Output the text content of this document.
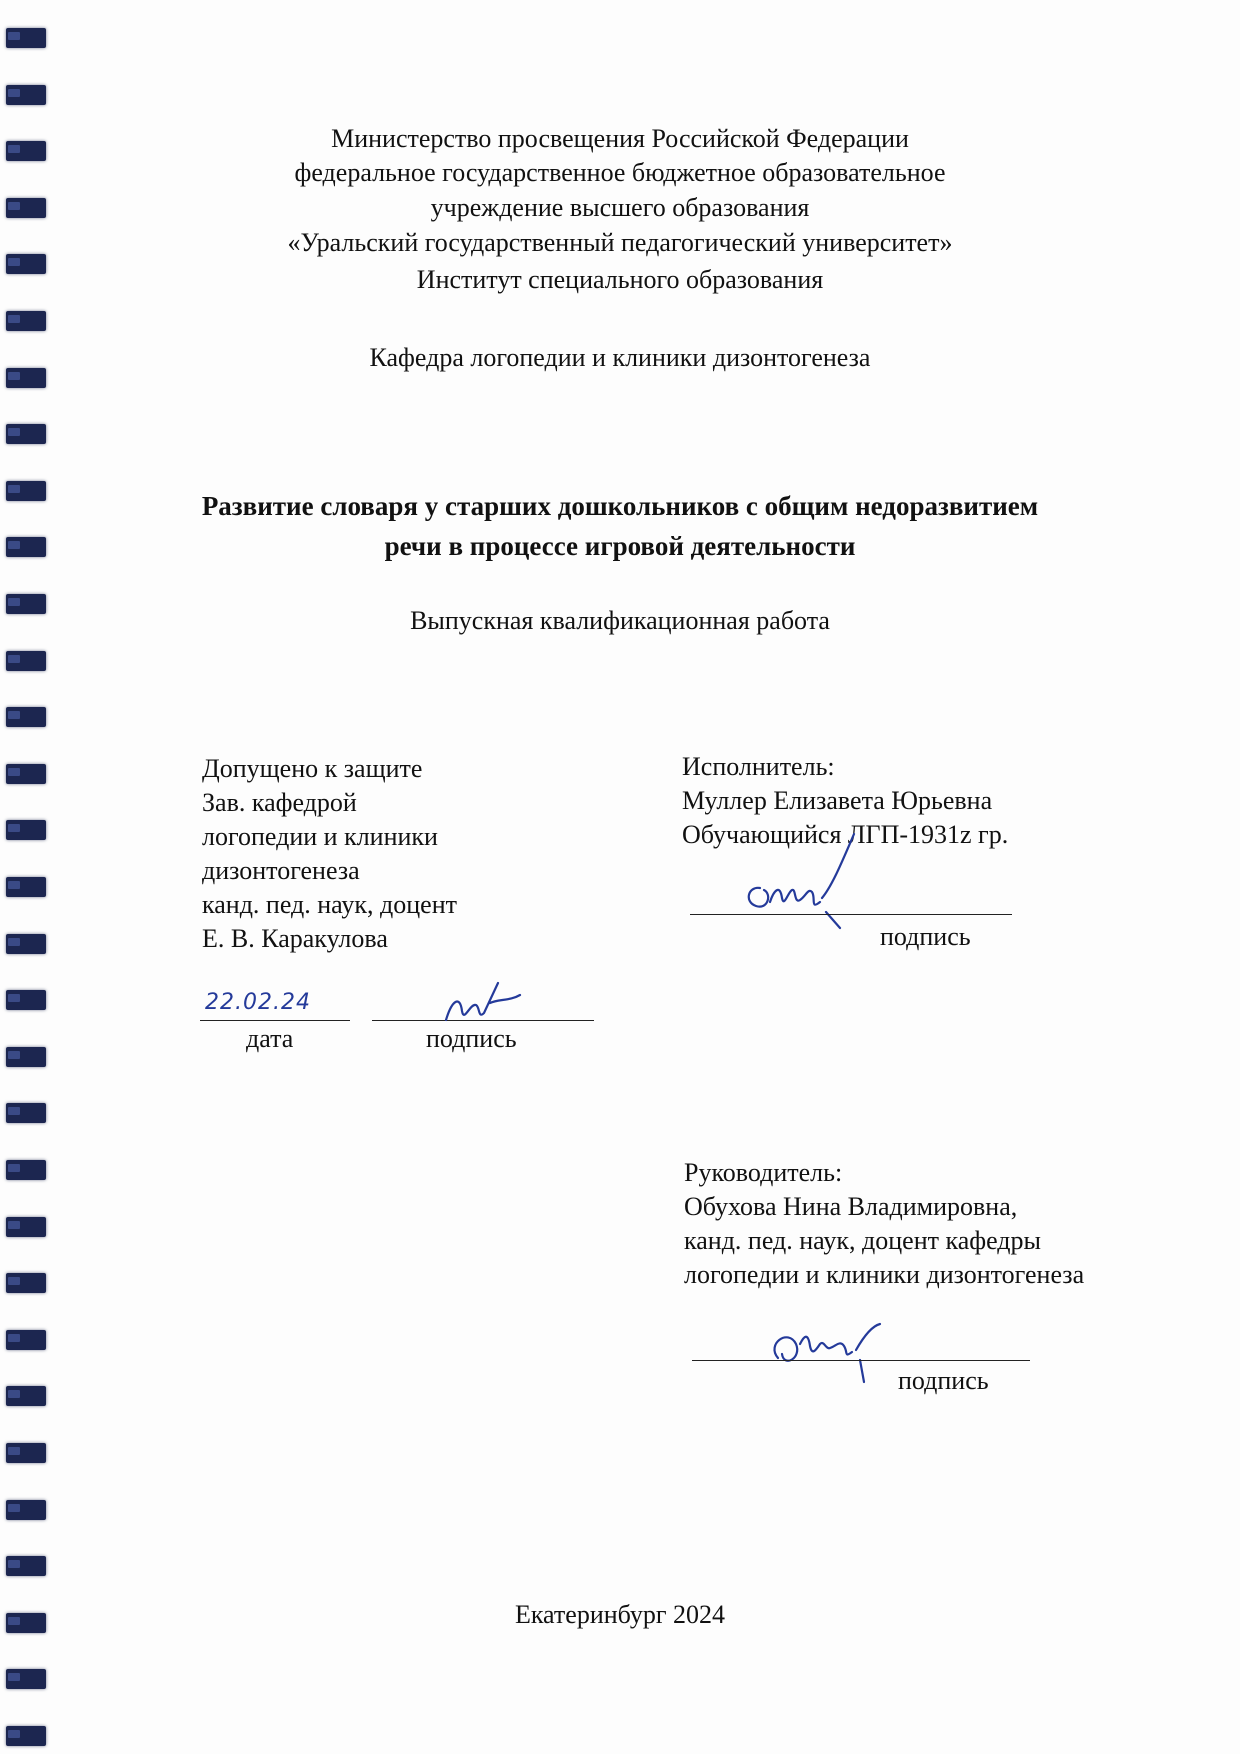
Министерство просвещения Российской Федерации
федеральное государственное бюджетное образовательное
учреждение высшего образования
«Уральский государственный педагогический университет»
Институт специального образования
Кафедра логопедии и клиники дизонтогенеза
Развитие словаря у старших дошкольников с общим недоразвитием
речи в процессе игровой деятельности
Выпускная квалификационная работа
Допущено к защите
Зав. кафедрой
логопедии и клиники
дизонтогенеза
канд. пед. наук, доцент
Е. В. Каракулова
22.02.24
дата	подпись
Исполнитель:
Муллер Елизавета Юрьевна
Обучающийся ЛГП-1931z гр.
подпись
Руководитель:
Обухова Нина Владимировна,
канд. пед. наук, доцент кафедры
логопедии и клиники дизонтогенеза
подпись
Екатеринбург 2024
